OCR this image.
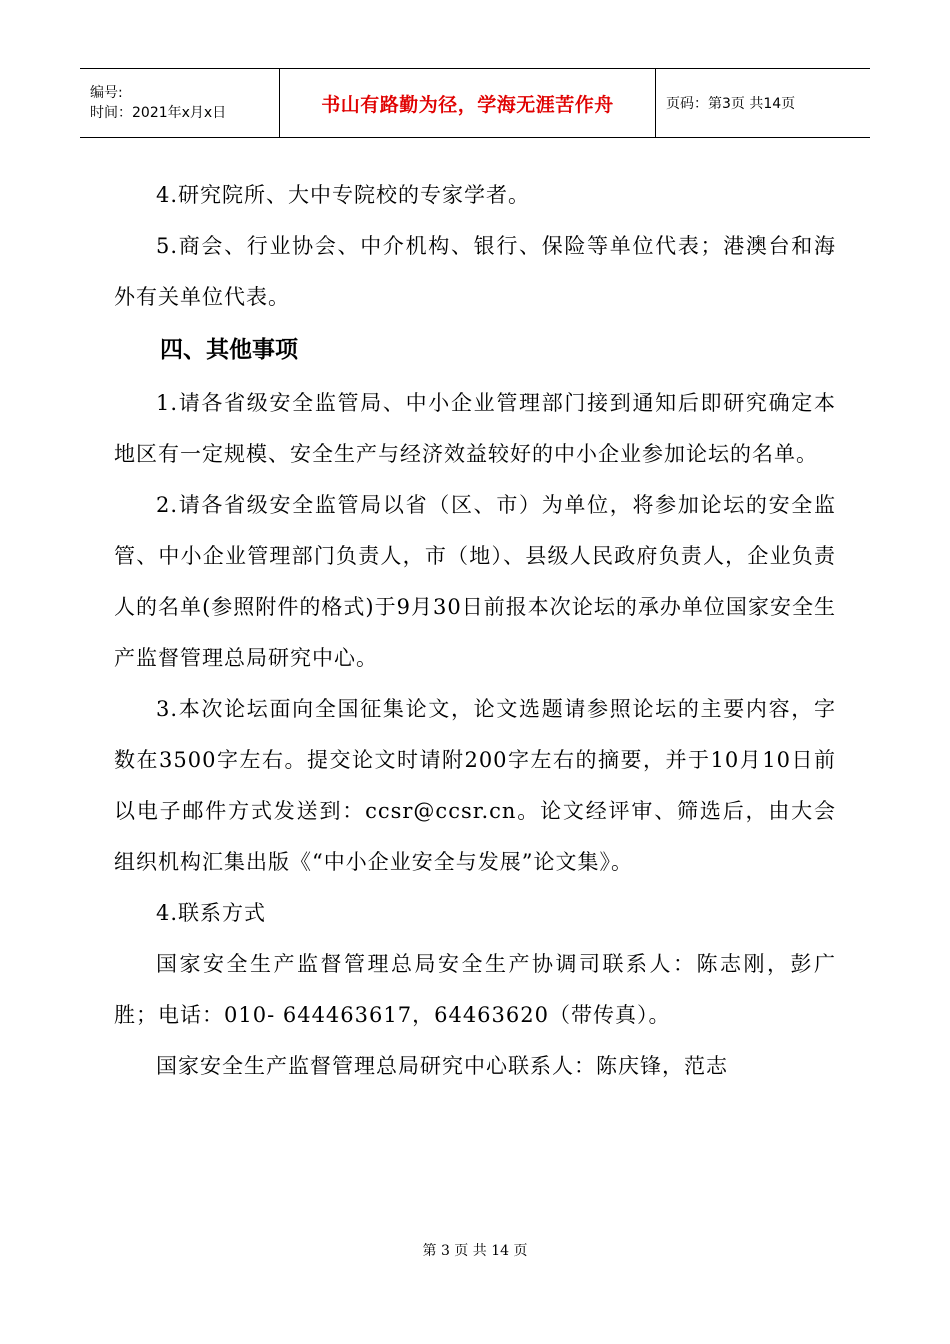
编号:
时间：2021年x月x日	书山有路勤为径，学海无涯苦作舟	页码：第3页 共14页

4.研究院所、大中专院校的专家学者。

5.商会、行业协会、中介机构、银行、保险等单位代表；港澳台和海外有关单位代表。

四、其他事项

1.请各省级安全监管局、中小企业管理部门接到通知后即研究确定本地区有一定规模、安全生产与经济效益较好的中小企业参加论坛的名单。

2.请各省级安全监管局以省（区、市）为单位，将参加论坛的安全监管、中小企业管理部门负责人，市（地）、县级人民政府负责人，企业负责人的名单(参照附件的格式)于9月30日前报本次论坛的承办单位国家安全生产监督管理总局研究中心。

3.本次论坛面向全国征集论文，论文选题请参照论坛的主要内容，字数在3500字左右。提交论文时请附200字左右的摘要，并于10月10日前以电子邮件方式发送到：ccsr@ccsr.cn。论文经评审、筛选后，由大会组织机构汇集出版《“中小企业安全与发展”论文集》。

4.联系方式

国家安全生产监督管理总局安全生产协调司联系人：陈志刚，彭广胜；电话：010- 644463617，64463620（带传真）。

国家安全生产监督管理总局研究中心联系人：陈庆锋，范志

第 3 页 共 14 页
